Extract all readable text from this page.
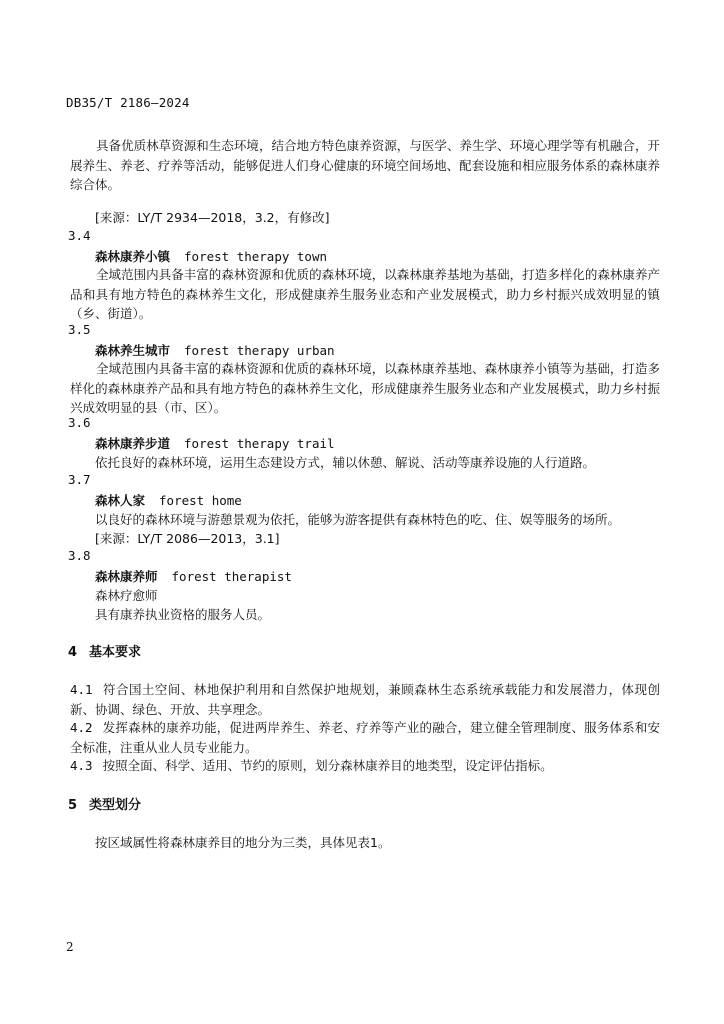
DB35/T 2186—2024

具备优质林草资源和生态环境，结合地方特色康养资源，与医学、养生学、环境心理学等有机融合，开展养生、养老、疗养等活动，能够促进人们身心健康的环境空间场地、配套设施和相应服务体系的森林康养综合体。

[来源：LY/T 2934—2018，3.2，有修改]
3.4
森林康养小镇 forest therapy town

全域范围内具备丰富的森林资源和优质的森林环境，以森林康养基地为基础，打造多样化的森林康养产品和具有地方特色的森林养生文化，形成健康养生服务业态和产业发展模式，助力乡村振兴成效明显的镇（乡、街道）。

3.5
森林养生城市 forest therapy urban

全域范围内具备丰富的森林资源和优质的森林环境，以森林康养基地、森林康养小镇等为基础，打造多样化的森林康养产品和具有地方特色的森林养生文化，形成健康养生服务业态和产业发展模式，助力乡村振兴成效明显的县（市、区）。

3.6
森林康养步道 forest therapy trail
依托良好的森林环境，运用生态建设方式，辅以休憩、解说、活动等康养设施的人行道路。
3.7
森林人家 forest home
以良好的森林环境与游憩景观为依托，能够为游客提供有森林特色的吃、住、娱等服务的场所。
[来源：LY/T 2086—2013，3.1]
3.8
森林康养师 forest therapist
森林疗愈师
具有康养执业资格的服务人员。
4 基本要求

4.1 符合国土空间、林地保护利用和自然保护地规划，兼顾森林生态系统承载能力和发展潜力，体现创新、协调、绿色、开放、共享理念。

4.2 发挥森林的康养功能，促进两岸养生、养老、疗养等产业的融合，建立健全管理制度、服务体系和安全标准，注重从业人员专业能力。

4.3 按照全面、科学、适用、节约的原则，划分森林康养目的地类型，设定评估指标。

5 类型划分
按区域属性将森林康养目的地分为三类，具体见表1。
2
